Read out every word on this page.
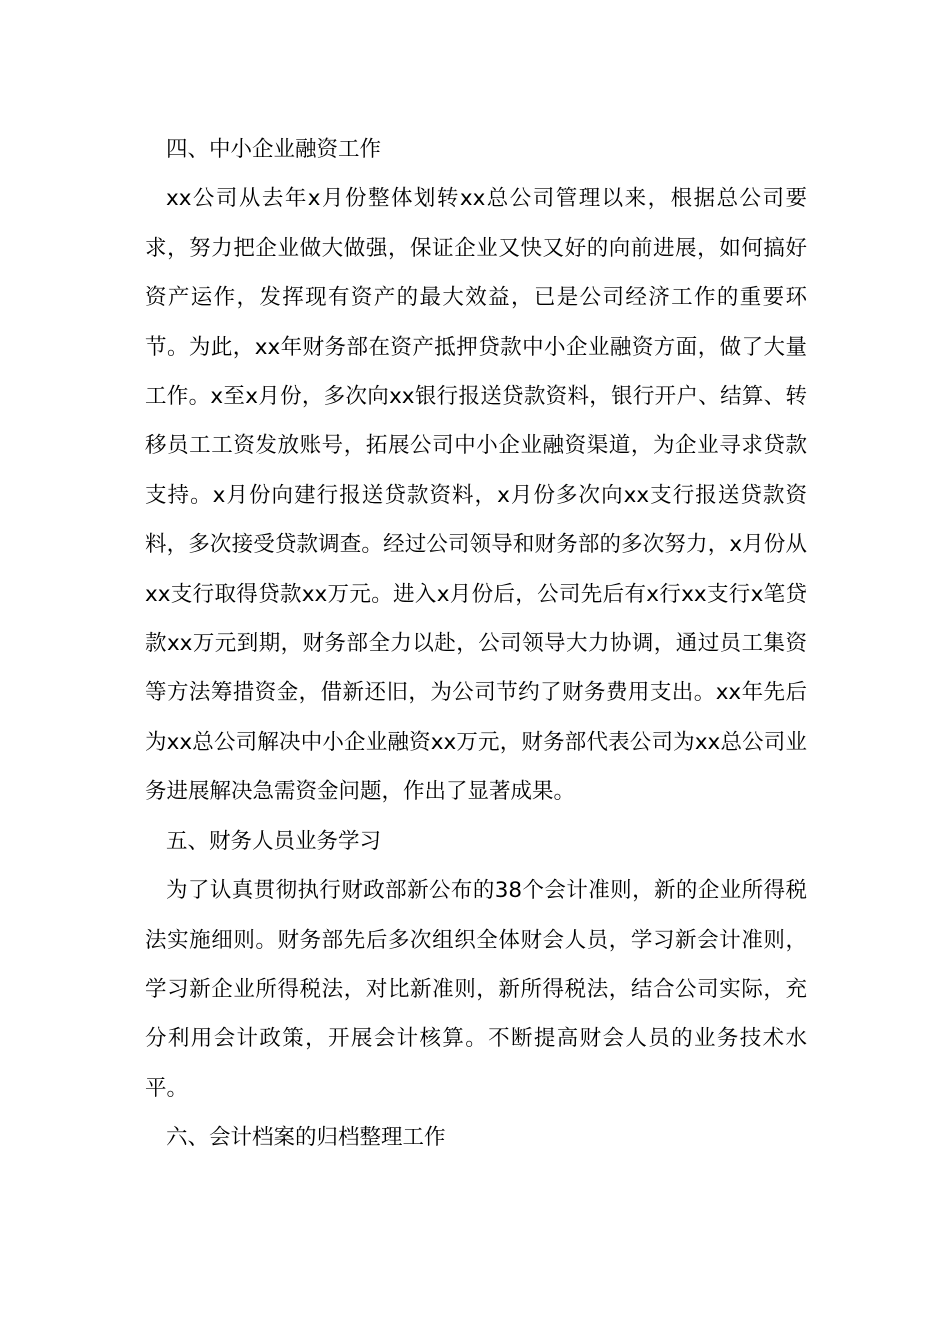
四、中小企业融资工作

xx公司从去年x月份整体划转xx总公司管理以来，根据总公司要求，努力把企业做大做强，保证企业又快又好的向前进展，如何搞好资产运作，发挥现有资产的最大效益，已是公司经济工作的重要环节。为此，xx年财务部在资产抵押贷款中小企业融资方面，做了大量工作。x至x月份，多次向xx银行报送贷款资料，银行开户、结算、转移员工工资发放账号，拓展公司中小企业融资渠道，为企业寻求贷款支持。x月份向建行报送贷款资料，x月份多次向xx支行报送贷款资料，多次接受贷款调查。经过公司领导和财务部的多次努力，x月份从xx支行取得贷款xx万元。进入x月份后，公司先后有x行xx支行x笔贷款xx万元到期，财务部全力以赴，公司领导大力协调，通过员工集资等方法筹措资金，借新还旧，为公司节约了财务费用支出。xx年先后为xx总公司解决中小企业融资xx万元，财务部代表公司为xx总公司业务进展解决急需资金问题，作出了显著成果。

五、财务人员业务学习

为了认真贯彻执行财政部新公布的38个会计准则，新的企业所得税法实施细则。财务部先后多次组织全体财会人员，学习新会计准则，学习新企业所得税法，对比新准则，新所得税法，结合公司实际，充分利用会计政策，开展会计核算。不断提高财会人员的业务技术水平。

六、会计档案的归档整理工作
